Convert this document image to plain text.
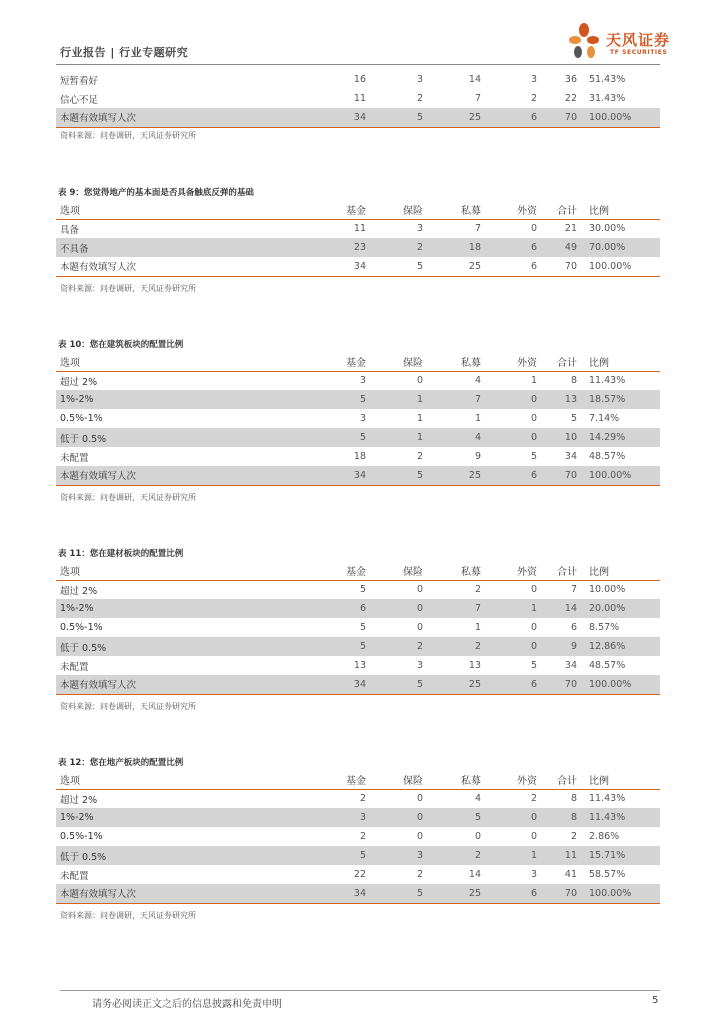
行业报告 | 行业专题研究
天风证券
TF SECURITIES
短暂看好	16	3	14	3	36	51.43%
信心不足	11	2	7	2	22	31.43%
本题有效填写人次	34	5	25	6	70	100.00%
资料来源：问卷调研，天风证券研究所
表 9：您觉得地产的基本面是否具备触底反弹的基础
选项	基金	保险	私募	外资	合计	比例
具备	11	3	7	0	21	30.00%
不具备	23	2	18	6	49	70.00%
本题有效填写人次	34	5	25	6	70	100.00%
资料来源：问卷调研，天风证券研究所
表 10：您在建筑板块的配置比例
选项	基金	保险	私募	外资	合计	比例
超过 2%	3	0	4	1	8	11.43%
1%-2%	5	1	7	0	13	18.57%
0.5%-1%	3	1	1	0	5	7.14%
低于 0.5%	5	1	4	0	10	14.29%
未配置	18	2	9	5	34	48.57%
本题有效填写人次	34	5	25	6	70	100.00%
资料来源：问卷调研，天风证券研究所
表 11：您在建材板块的配置比例
选项	基金	保险	私募	外资	合计	比例
超过 2%	5	0	2	0	7	10.00%
1%-2%	6	0	7	1	14	20.00%
0.5%-1%	5	0	1	0	6	8.57%
低于 0.5%	5	2	2	0	9	12.86%
未配置	13	3	13	5	34	48.57%
本题有效填写人次	34	5	25	6	70	100.00%
资料来源：问卷调研，天风证券研究所
表 12：您在地产板块的配置比例
选项	基金	保险	私募	外资	合计	比例
超过 2%	2	0	4	2	8	11.43%
1%-2%	3	0	5	0	8	11.43%
0.5%-1%	2	0	0	0	2	2.86%
低于 0.5%	5	3	2	1	11	15.71%
未配置	22	2	14	3	41	58.57%
本题有效填写人次	34	5	25	6	70	100.00%
资料来源：问卷调研，天风证券研究所
请务必阅读正文之后的信息披露和免责申明	5
